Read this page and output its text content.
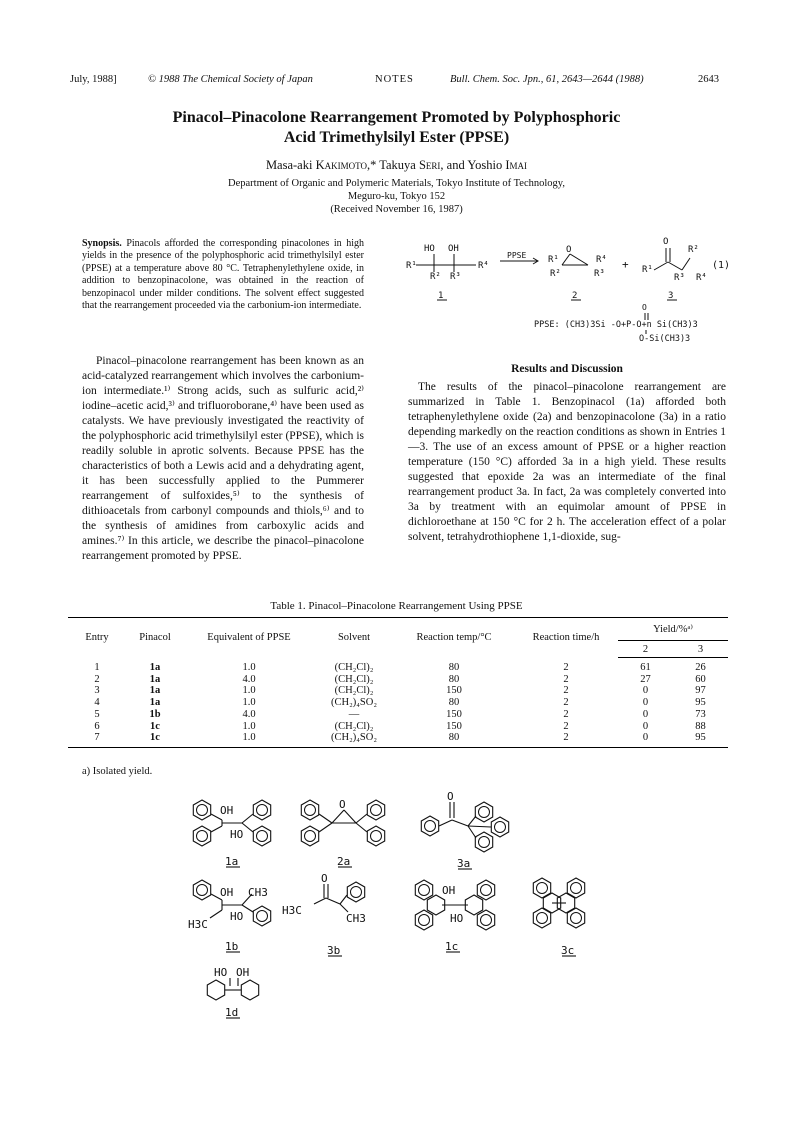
July, 1988]	© 1988 The Chemical Society of Japan	NOTES	Bull. Chem. Soc. Jpn., 61, 2643—2644 (1988)	2643
Pinacol–Pinacolone Rearrangement Promoted by Polyphosphoric
Acid Trimethylsilyl Ester (PPSE)
Masa-aki Kakimoto,* Takuya Seri, and Yoshio Imai
Department of Organic and Polymeric Materials, Tokyo Institute of Technology,
Meguro-ku, Tokyo 152
(Received November 16, 1987)
Synopsis. Pinacols afforded the corresponding pinacolones in high yields in the presence of the polyphosphoric acid trimethylsilyl ester (PPSE) at a temperature above 80 °C. Tetraphenylethylene oxide, in addition to benzopinacolone, was obtained in the reaction of benzopinacol under milder conditions. The solvent effect suggested that the rearrangement proceeded via the carbonium-ion intermediate.
Pinacol–pinacolone rearrangement has been known as an acid-catalyzed rearrangement which involves the carbonium-ion intermediate.¹⁾ Strong acids, such as sulfuric acid,²⁾ iodine–acetic acid,³⁾ and trifluoroborane,⁴⁾ have been used as catalysts. We have previously investigated the reactivity of the polyphosphoric acid trimethylsilyl ester (PPSE), which is readily soluble in aprotic solvents. Because PPSE has the characteristics of both a Lewis acid and a dehydrating agent, it has been successfully applied to the Pummerer rearrangement of sulfoxides,⁵⁾ to the synthesis of dithioacetals from carbonyl compounds and thiols,⁶⁾ and to the synthesis of amidines from carboxylic acids and amines.⁷⁾ In this article, we describe the pinacol–pinacolone rearrangement promoted by PPSE.
HO OH
R¹	R⁴
R² R³
1
PPSE R¹
O
R⁴
R²	R³
2
+
O
R²
R¹
R³ R⁴
3
(1)
PPSE: (CH3)3Si -O+P-O+n Si(CH3)3
O
O-Si(CH3)3
Results and Discussion
The results of the pinacol–pinacolone rearrangement are summarized in Table 1. Benzopinacol (1a) afforded both tetraphenylethylene oxide (2a) and benzopinacolone (3a) in a ratio depending markedly on the reaction conditions as shown in Entries 1—3. The use of an excess amount of PPSE or a higher reaction temperature (150 °C) afforded 3a in a high yield. These results suggested that epoxide 2a was an intermediate of the final rearrangement product 3a. In fact, 2a was completely converted into 3a by treatment with an equimolar amount of PPSE in dichloroethane at 150 °C for 2 h. The acceleration effect of a polar solvent, tetrahydrothiophene 1,1-dioxide, sug-
Table 1. Pinacol–Pinacolone Rearrangement Using PPSE
Entry	Pinacol	Equivalent of PPSE	Solvent	Reaction temp/°C	Reaction time/h	Yield/%ᵃ⁾	
						2	3
1	1a	1.0	(CH₂Cl)₂	80	2	61	26
2	1a	4.0	(CH₂Cl)₂	80	2	27	60
3	1a	1.0	(CH₂Cl)₂	150	2	0	97
4	1a	1.0	(CH₂)₄SO₂	80	2	0	95
5	1b	4.0	—	150	2	0	73
6	1c	1.0	(CH₂Cl)₂	150	2	0	88
7	1c	1.0	(CH₂)₄SO₂	80	2	0	95
a) Isolated yield.
OH
HO
1a
O
2a
O
3a
OH CH3
H3C
HO
1b
O
H3C
CH3
3b
OH
HO
1c	3c
HO OH
1d
